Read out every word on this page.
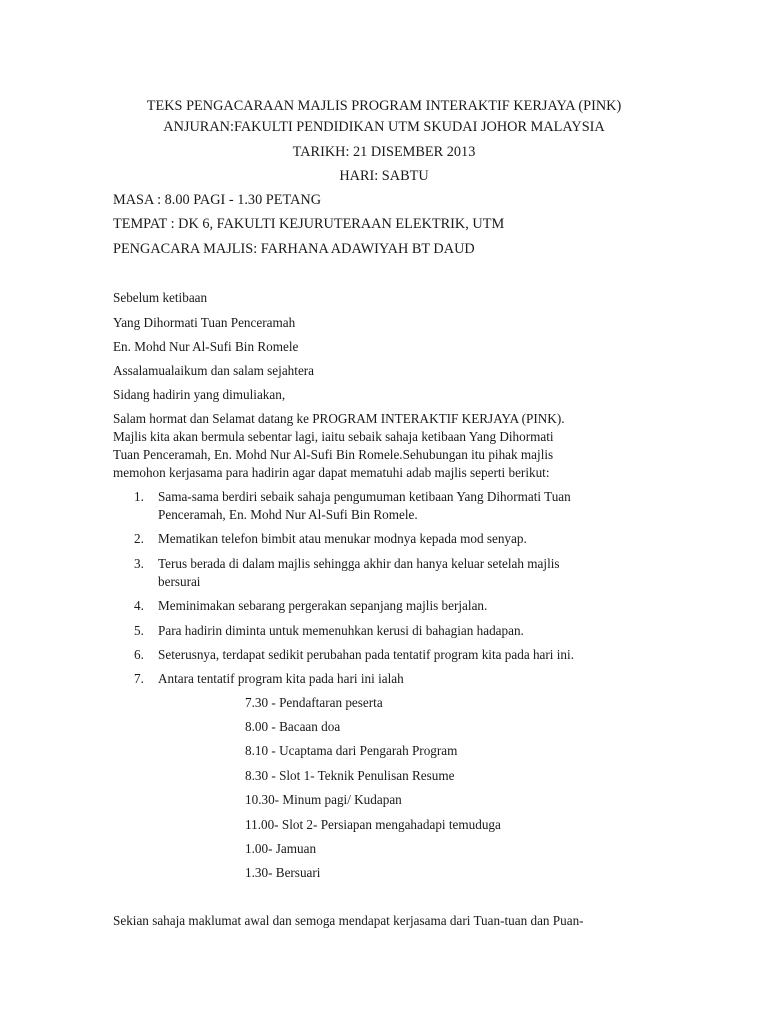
TEKS PENGACARAAN MAJLIS PROGRAM INTERAKTIF KERJAYA (PINK)
ANJURAN:FAKULTI PENDIDIKAN UTM SKUDAI JOHOR MALAYSIA
TARIKH: 21 DISEMBER 2013
HARI: SABTU
MASA : 8.00 PAGI - 1.30 PETANG
TEMPAT : DK 6, FAKULTI KEJURUTERAAN ELEKTRIK, UTM
PENGACARA MAJLIS: FARHANA ADAWIYAH BT DAUD
Sebelum ketibaan
Yang Dihormati Tuan Penceramah
En. Mohd Nur Al-Sufi Bin Romele
Assalamualaikum dan salam sejahtera
Sidang hadirin yang dimuliakan,
Salam hormat dan Selamat datang ke PROGRAM INTERAKTIF KERJAYA (PINK).
Majlis kita akan bermula sebentar lagi, iaitu sebaik sahaja ketibaan Yang Dihormati
Tuan Penceramah, En. Mohd Nur Al-Sufi Bin Romele.Sehubungan itu pihak majlis
memohon kerjasama para hadirin agar dapat mematuhi adab majlis seperti berikut:
1. Sama-sama berdiri sebaik sahaja pengumuman ketibaan Yang Dihormati Tuan
Penceramah, En. Mohd Nur Al-Sufi Bin Romele.
2. Mematikan telefon bimbit atau menukar modnya kepada mod senyap.
3. Terus berada di dalam majlis sehingga akhir dan hanya keluar setelah majlis
bersurai
4. Meminimakan sebarang pergerakan sepanjang majlis berjalan.
5. Para hadirin diminta untuk memenuhkan kerusi di bahagian hadapan.
6. Seterusnya, terdapat sedikit perubahan pada tentatif program kita pada hari ini.
7. Antara tentatif program kita pada hari ini ialah
7.30 - Pendaftaran peserta
8.00 - Bacaan doa
8.10 - Ucaptama dari Pengarah Program
8.30 - Slot 1- Teknik Penulisan Resume
10.30- Minum pagi/ Kudapan
11.00- Slot 2- Persiapan mengahadapi temuduga
1.00- Jamuan
1.30- Bersuari
Sekian sahaja maklumat awal dan semoga mendapat kerjasama dari Tuan-tuan dan Puan-
